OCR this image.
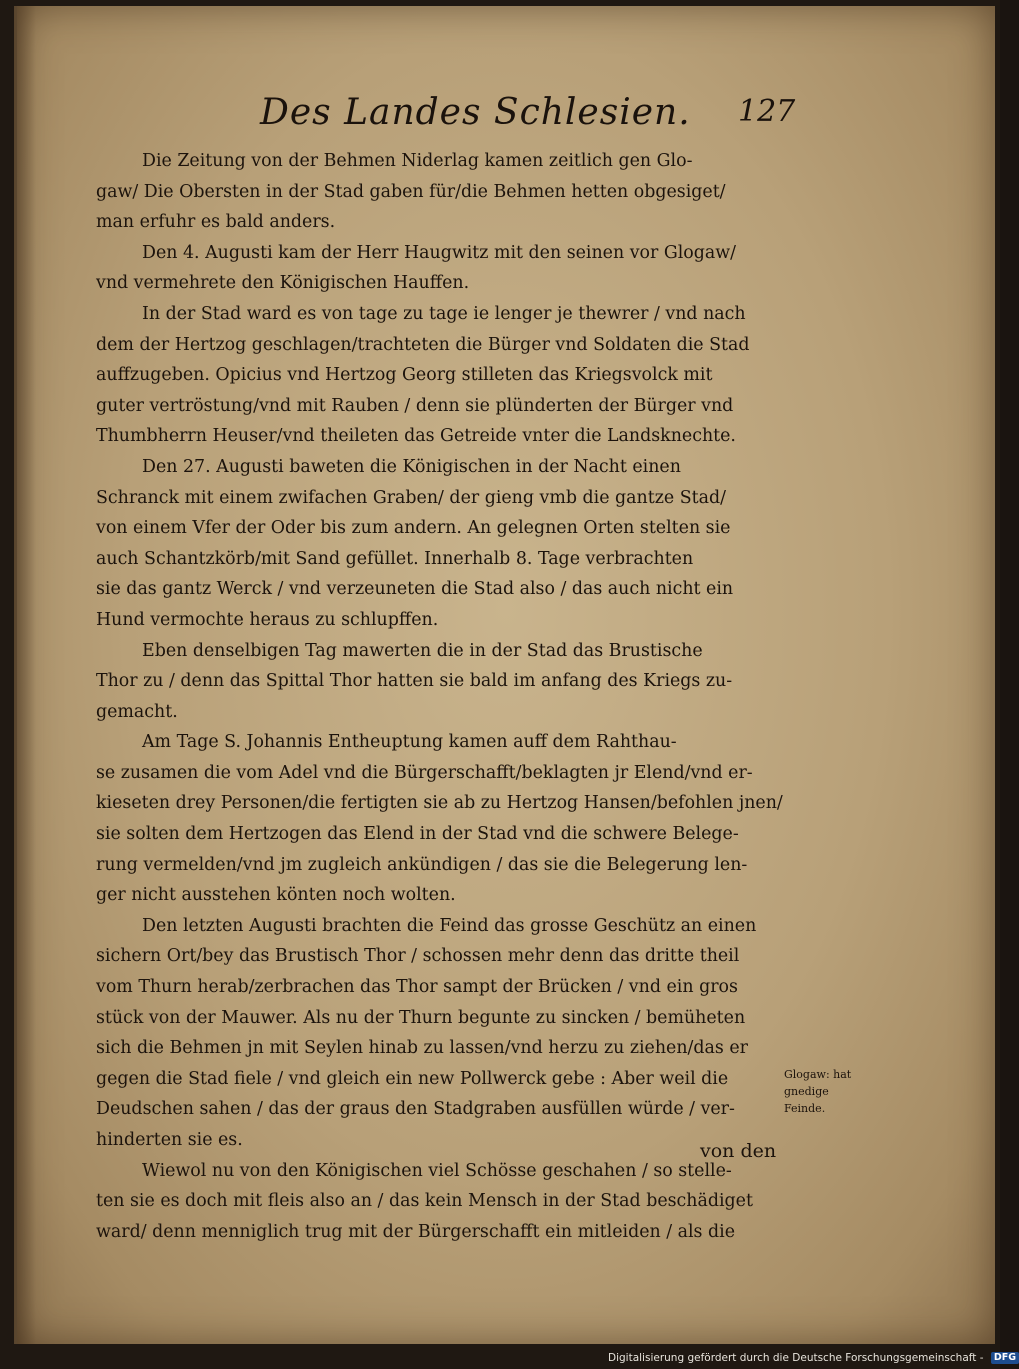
Des Landes Schlesien. 127
Die Zeitung von der Behmen Niderlag kamen zeitlich gen Glo-
gaw/ Die Obersten in der Stad gaben für/die Behmen hetten obgesiget/
man erfuhr es bald anders.
Den 4. Augusti kam der Herr Haugwitz mit den seinen vor Glogaw/
vnd vermehrete den Königischen Hauffen.
In der Stad ward es von tage zu tage ie lenger je thewrer / vnd nach
dem der Hertzog geschlagen/trachteten die Bürger vnd Soldaten die Stad
auffzugeben. Opicius vnd Hertzog Georg stilleten das Kriegsvolck mit
guter vertröstung/vnd mit Rauben / denn sie plünderten der Bürger vnd
Thumbherrn Heuser/vnd theileten das Getreide vnter die Landsknechte.
Den 27. Augusti baweten die Königischen in der Nacht einen
Schranck mit einem zwifachen Graben/ der gieng vmb die gantze Stad/
von einem Vfer der Oder bis zum andern. An gelegnen Orten stelten sie
auch Schantzkörb/mit Sand gefüllet. Innerhalb 8. Tage verbrachten
sie das gantz Werck / vnd verzeuneten die Stad also / das auch nicht ein
Hund vermochte heraus zu schlupffen.
Eben denselbigen Tag mawerten die in der Stad das Brustische
Thor zu / denn das Spittal Thor hatten sie bald im anfang des Kriegs zu-
gemacht.
Am Tage S. Johannis Entheuptung kamen auff dem Rahthau-
se zusamen die vom Adel vnd die Bürgerschafft/beklagten jr Elend/vnd er-
kieseten drey Personen/die fertigten sie ab zu Hertzog Hansen/befohlen jnen/
sie solten dem Hertzogen das Elend in der Stad vnd die schwere Belege-
rung vermelden/vnd jm zugleich ankündigen / das sie die Belegerung len-
ger nicht ausstehen könten noch wolten.
Den letzten Augusti brachten die Feind das grosse Geschütz an einen
sichern Ort/bey das Brustisch Thor / schossen mehr denn das dritte theil
vom Thurn herab/zerbrachen das Thor sampt der Brücken / vnd ein gros
stück von der Mauwer. Als nu der Thurn begunte zu sincken / bemüheten
sich die Behmen jn mit Seylen hinab zu lassen/vnd herzu zu ziehen/das er
gegen die Stad fiele / vnd gleich ein new Pollwerck gebe : Aber weil die
Deudschen sahen / das der graus den Stadgraben ausfüllen würde / ver-
hinderten sie es.
Wiewol nu von den Königischen viel Schösse geschahen / so stelle-
ten sie es doch mit fleis also an / das kein Mensch in der Stad beschädiget
ward/ denn menniglich trug mit der Bürgerschafft ein mitleiden / als die
von den
Glogaw: hat
gnedige
Feinde.
Digitalisierung gefördert durch die Deutsche Forschungsgemeinschaft - DFG
